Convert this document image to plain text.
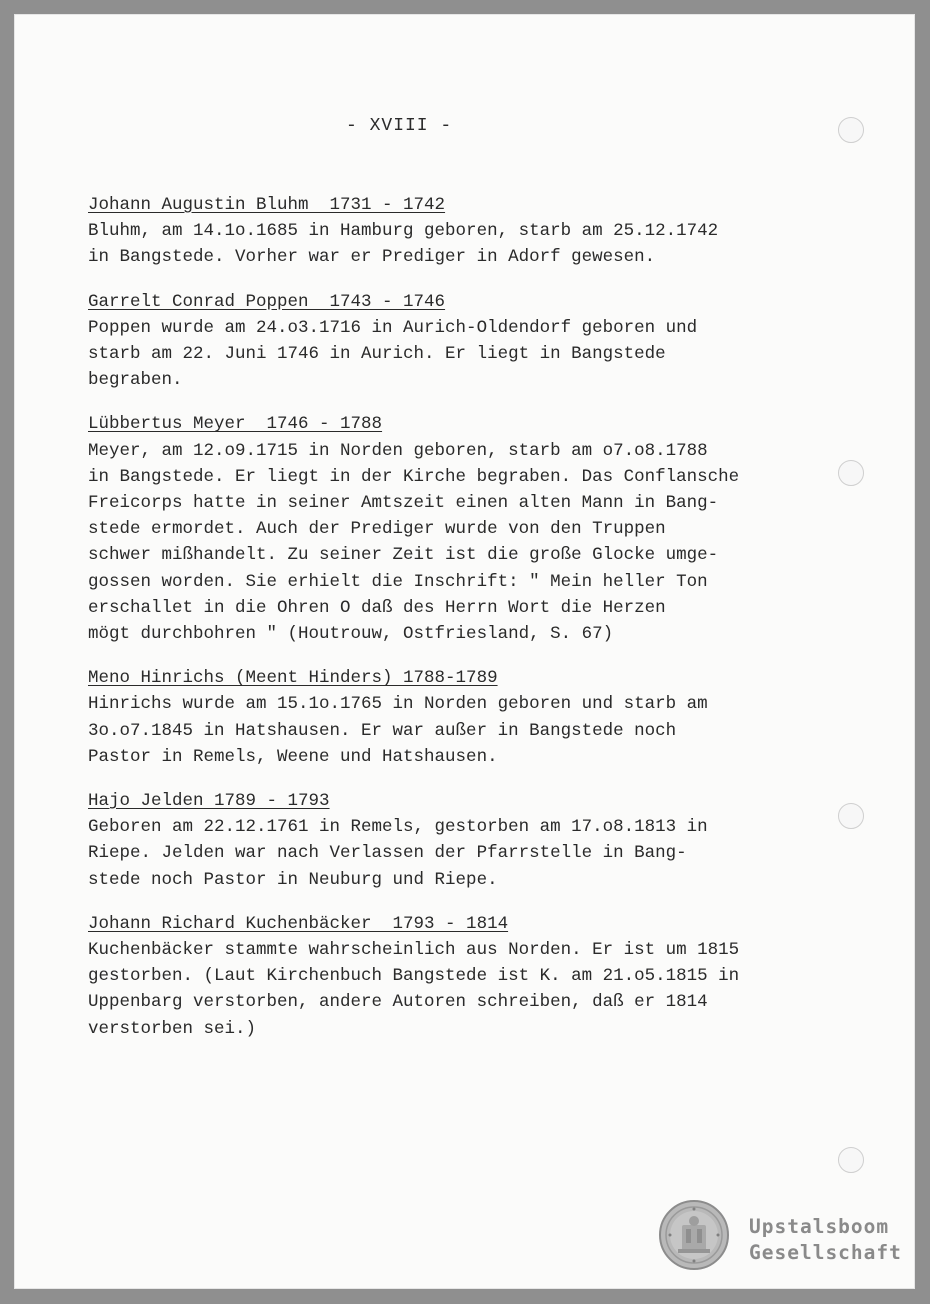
- XVIII -
Johann Augustin Bluhm  1731 - 1742
Bluhm, am 14.1o.1685 in Hamburg geboren, starb am 25.12.1742
in Bangstede. Vorher war er Prediger in Adorf gewesen.
Garrelt Conrad Poppen  1743 - 1746
Poppen wurde am 24.o3.1716 in Aurich-Oldendorf geboren und
starb am 22. Juni 1746 in Aurich. Er liegt in Bangstede
begraben.
Lübbertus Meyer  1746 - 1788
Meyer, am 12.o9.1715 in Norden geboren, starb am o7.o8.1788
in Bangstede. Er liegt in der Kirche begraben. Das Conflansche
Freicorps hatte in seiner Amtszeit einen alten Mann in Bang-
stede ermordet. Auch der Prediger wurde von den Truppen
schwer mißhandelt. Zu seiner Zeit ist die große Glocke umge-
gossen worden. Sie erhielt die Inschrift: " Mein heller Ton
erschallet in die Ohren O daß des Herrn Wort die Herzen
mögt durchbohren " (Houtrouw, Ostfriesland, S. 67)
Meno Hinrichs (Meent Hinders) 1788-1789
Hinrichs wurde am 15.1o.1765 in Norden geboren und starb am
3o.o7.1845 in Hatshausen. Er war außer in Bangstede noch
Pastor in Remels, Weene und Hatshausen.
Hajo Jelden 1789 - 1793
Geboren am 22.12.1761 in Remels, gestorben am 17.o8.1813 in
Riepe. Jelden war nach Verlassen der Pfarrstelle in Bang-
stede noch Pastor in Neuburg und Riepe.
Johann Richard Kuchenbäcker  1793 - 1814
Kuchenbäcker stammte wahrscheinlich aus Norden. Er ist um 1815
gestorben. (Laut Kirchenbuch Bangstede ist K. am 21.o5.1815 in
Uppenbarg verstorben, andere Autoren schreiben, daß er 1814
verstorben sei.)
Upstalsboom
Gesellschaft
